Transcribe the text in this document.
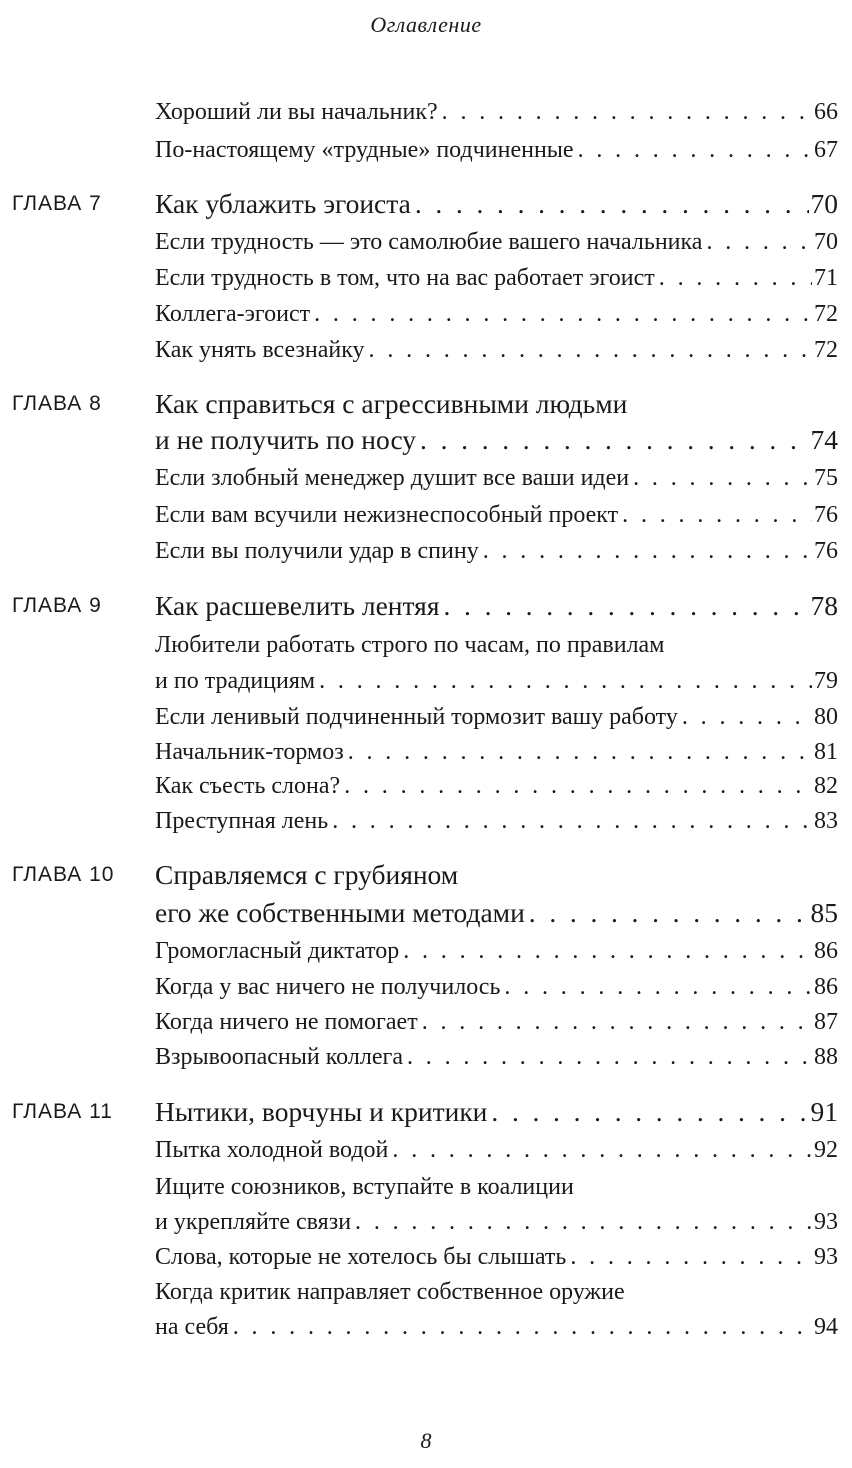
Оглавление
Хороший ли вы начальник? . . .	66
По-настоящему «трудные» подчиненные . . .	67
ГЛАВА 7 Как ублажить эгоиста . . .	70
Если трудность — это самолюбие вашего начальника . . .	70
Если трудность в том, что на вас работает эгоист . . .	71
Коллега-эгоист . . .	72
Как унять всезнайку . . .	72
ГЛАВА 8 Как справиться с агрессивными людьми
и не получить по носу . . .	74
Если злобный менеджер душит все ваши идеи . . .	75
Если вам всучили нежизнеспособный проект . . .	76
Если вы получили удар в спину . . .	76
ГЛАВА 9 Как расшевелить лентяя . . .	78
Любители работать строго по часам, по правилам
и по традициям . . .	79
Если ленивый подчиненный тормозит вашу работу . . .	80
Начальник-тормоз . . .	81
Как съесть слона? . . .	82
Преступная лень . . .	83
ГЛАВА 10 Справляемся с грубияном
его же собственными методами . . .	85
Громогласный диктатор . . .	86
Когда у вас ничего не получилось . . .	86
Когда ничего не помогает . . .	87
Взрывоопасный коллега . . .	88
ГЛАВА 11 Нытики, ворчуны и критики . . .	91
Пытка холодной водой . . .	92
Ищите союзников, вступайте в коалиции
и укрепляйте связи . . .	93
Слова, которые не хотелось бы слышать . . .	93
Когда критик направляет собственное оружие
на себя . . .	94
8
